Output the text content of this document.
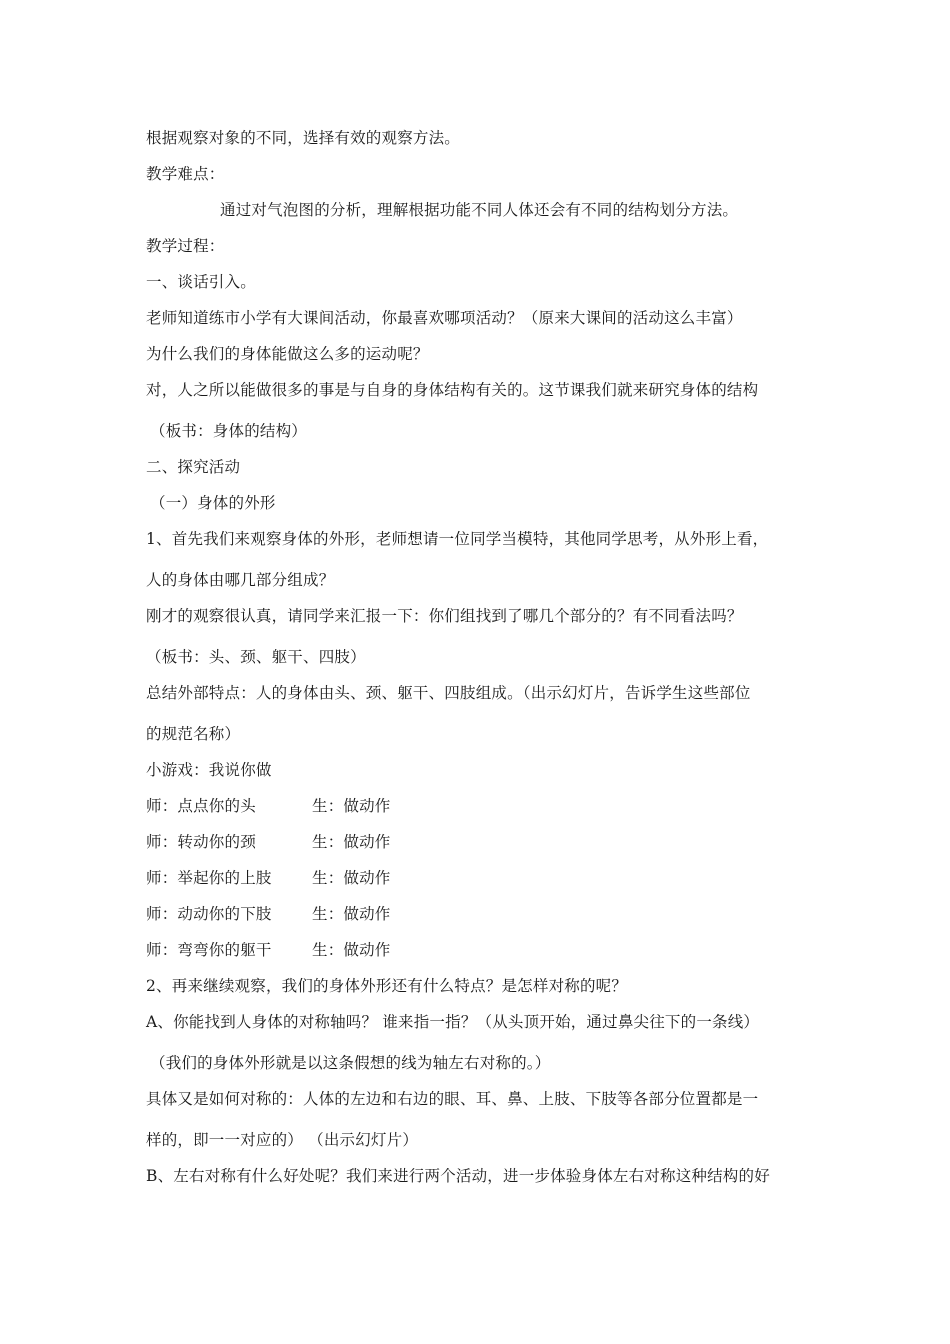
根据观察对象的不同，选择有效的观察方法。
教学难点：
通过对气泡图的分析，理解根据功能不同人体还会有不同的结构划分方法。
教学过程：
一、谈话引入。
老师知道练市小学有大课间活动，你最喜欢哪项活动？（原来大课间的活动这么丰富）
为什么我们的身体能做这么多的运动呢？
对，人之所以能做很多的事是与自身的身体结构有关的。这节课我们就来研究身体的结构
（板书：身体的结构）
二、探究活动
（一）身体的外形
1、首先我们来观察身体的外形，老师想请一位同学当模特，其他同学思考，从外形上看，
人的身体由哪几部分组成？
刚才的观察很认真，请同学来汇报一下：你们组找到了哪几个部分的？有不同看法吗？
（板书：头、颈、躯干、四肢）
总结外部特点：人的身体由头、颈、躯干、四肢组成。（出示幻灯片，告诉学生这些部位
的规范名称）
小游戏：我说你做
师：点点你的头	生：做动作
师：转动你的颈	生：做动作
师：举起你的上肢	生：做动作
师：动动你的下肢	生：做动作
师：弯弯你的躯干	生：做动作
2、再来继续观察，我们的身体外形还有什么特点？是怎样对称的呢？
A、你能找到人身体的对称轴吗？ 谁来指一指？（从头顶开始，通过鼻尖往下的一条线）
（我们的身体外形就是以这条假想的线为轴左右对称的。）
具体又是如何对称的：人体的左边和右边的眼、耳、鼻、上肢、下肢等各部分位置都是一
样的，即一一对应的） （出示幻灯片）
B、左右对称有什么好处呢？我们来进行两个活动，进一步体验身体左右对称这种结构的好
